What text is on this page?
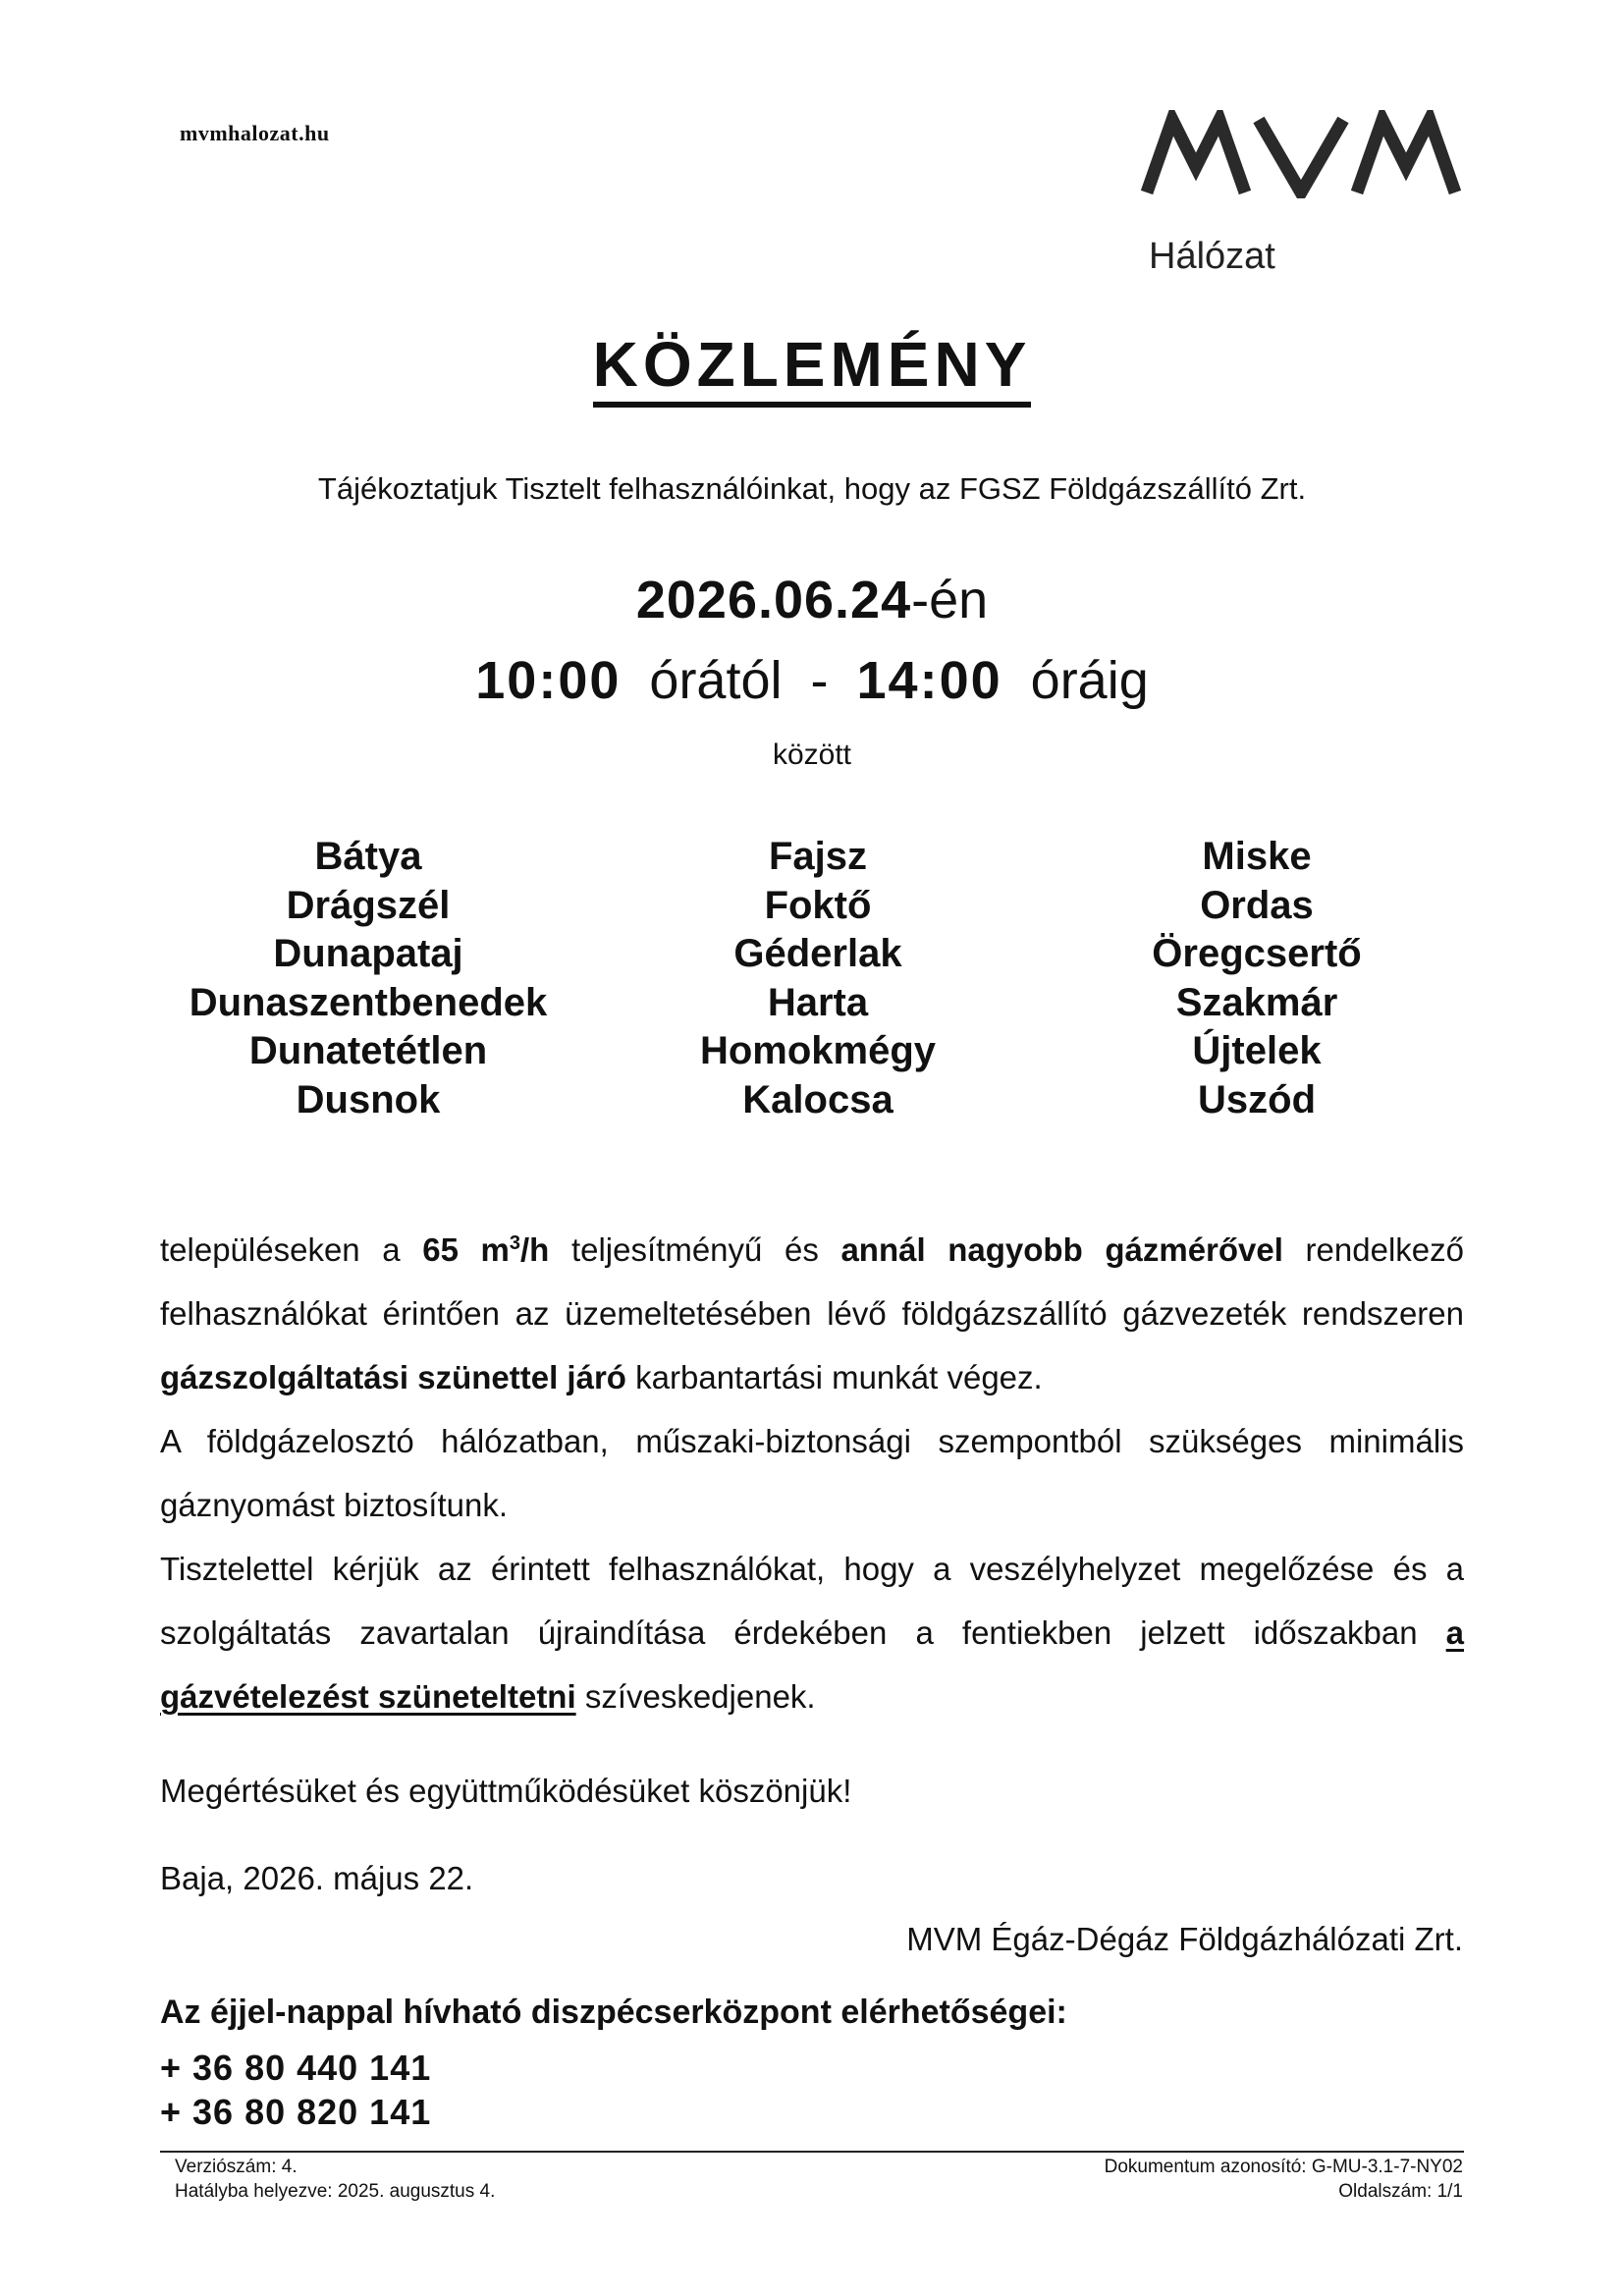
mvmhalozat.hu
Hálózat
KÖZLEMÉNY
Tájékoztatjuk Tisztelt felhasználóinkat, hogy az FGSZ Földgázszállító Zrt.
2026.06.24-én
10:00 órától - 14:00 óráig
között
Bátya
Drágszél
Dunapataj
Dunaszentbenedek
Dunatetétlen
Dusnok
Fajsz
Foktő
Géderlak
Harta
Homokmégy
Kalocsa
Miske
Ordas
Öregcsertő
Szakmár
Újtelek
Uszód

településeken a 65 $m^3/h$ teljesítményű és annál nagyobb gázmérővel rendelkező felhasználókat érintően az üzemeltetésében lévő földgázszállító gázvezeték rendszeren gázszolgáltatási szünettel járó karbantartási munkát végez.

A földgázelosztó hálózatban, műszaki-biztonsági szempontból szükséges minimális gáznyomást biztosítunk.

Tisztelettel kérjük az érintett felhasználókat, hogy a veszélyhelyzet megelőzése és a szolgáltatás zavartalan újraindítása érdekében a fentiekben jelzett időszakban a gázvételezést szüneteltetni szíveskedjenek.

Megértésüket és együttműködésüket köszönjük!
Baja, 2026. május 22.
MVM Égáz-Dégáz Földgázhálózati Zrt.
Az éjjel-nappal hívható diszpécserközpont elérhetőségei:
+ 36 80 440 141
+ 36 80 820 141
Verziószám: 4.
Hatályba helyezve: 2025. augusztus 4.
Dokumentum azonosító: G-MU-3.1-7-NY02
Oldalszám: 1/1
